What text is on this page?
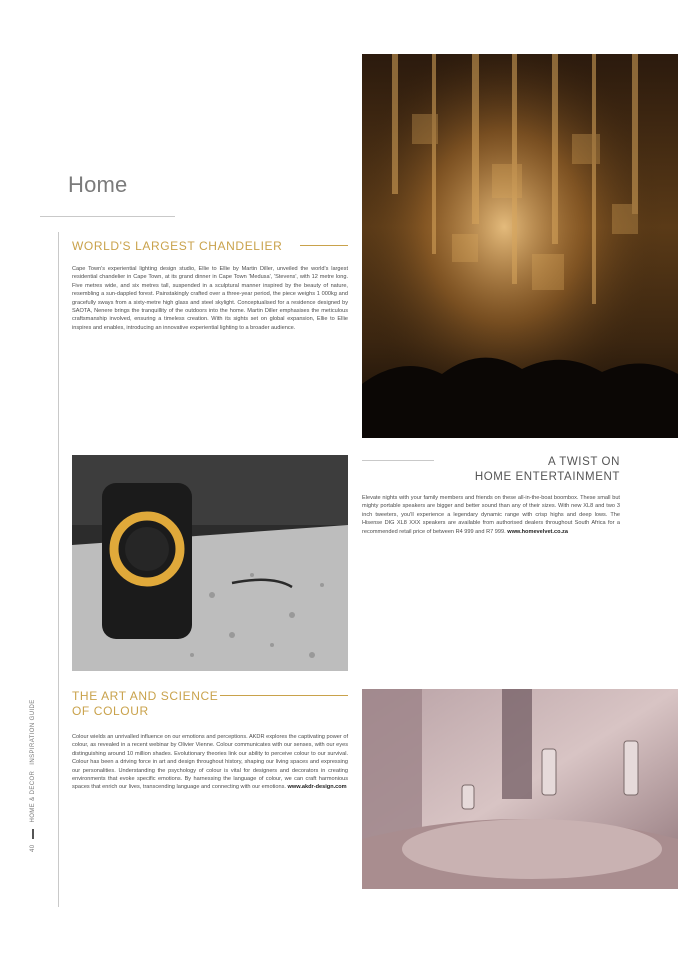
Home
WORLD'S LARGEST CHANDELIER

Cape Town's experiential lighting design studio, Ellie to Ellie by Martin Diller, unveiled the world's largest residential chandelier in Cape Town, at its grand dinner in Cape Town 'Medusa', 'Stevens', with 12 metre long. Five metres wide, and six metres tall, suspended in a sculptural manner inspired by the beauty of nature, resembling a sun-dappled forest. Painstakingly crafted over a three-year period, the piece weighs 1 000kg and gracefully sways from a sixty-metre high glass and steel skylight. Conceptualised for a residence designed by SAOTA, Nenere brings the tranquillity of the outdoors into the home. Martin Diller emphasises the meticulous craftsmanship involved, ensuring a timeless creation. With its sights set on global expansion, Ellie to Ellie inspires and enables, introducing an innovative experiential lighting to a broader audience.

A TWIST ON
HOME ENTERTAINMENT

Elevate nights with your family members and friends on these all-in-the-boat boombox. These small but mighty portable speakers are bigger and better sound than any of their sizes. With new XL8 and two 3 inch tweeters, you'll experience a legendary dynamic range with crisp highs and deep lows. The Hisense DIG XL8 XXX speakers are available from authorised dealers throughout South Africa for a recommended retail price of between R4 999 and R7 999. www.homevelvet.co.za

THE ART AND SCIENCE
OF COLOUR

Colour wields an unrivalled influence on our emotions and perceptions. AKDR explores the captivating power of colour, as revealed in a recent webinar by Olivier Vienne. Colour communicates with our senses, with our eyes distinguishing around 10 million shades. Evolutionary theories link our ability to perceive colour to our survival. Colour has been a driving force in art and design throughout history, shaping our living spaces and expressing our personalities. Understanding the psychology of colour is vital for designers and decorators in creating environments that evoke specific emotions. By harnessing the language of colour, we can craft harmonious spaces that enrich our lives, transcending language and connecting with our emotions. www.akdr-design.com

40
HOME & DECOR
INSPIRATION GUIDE
